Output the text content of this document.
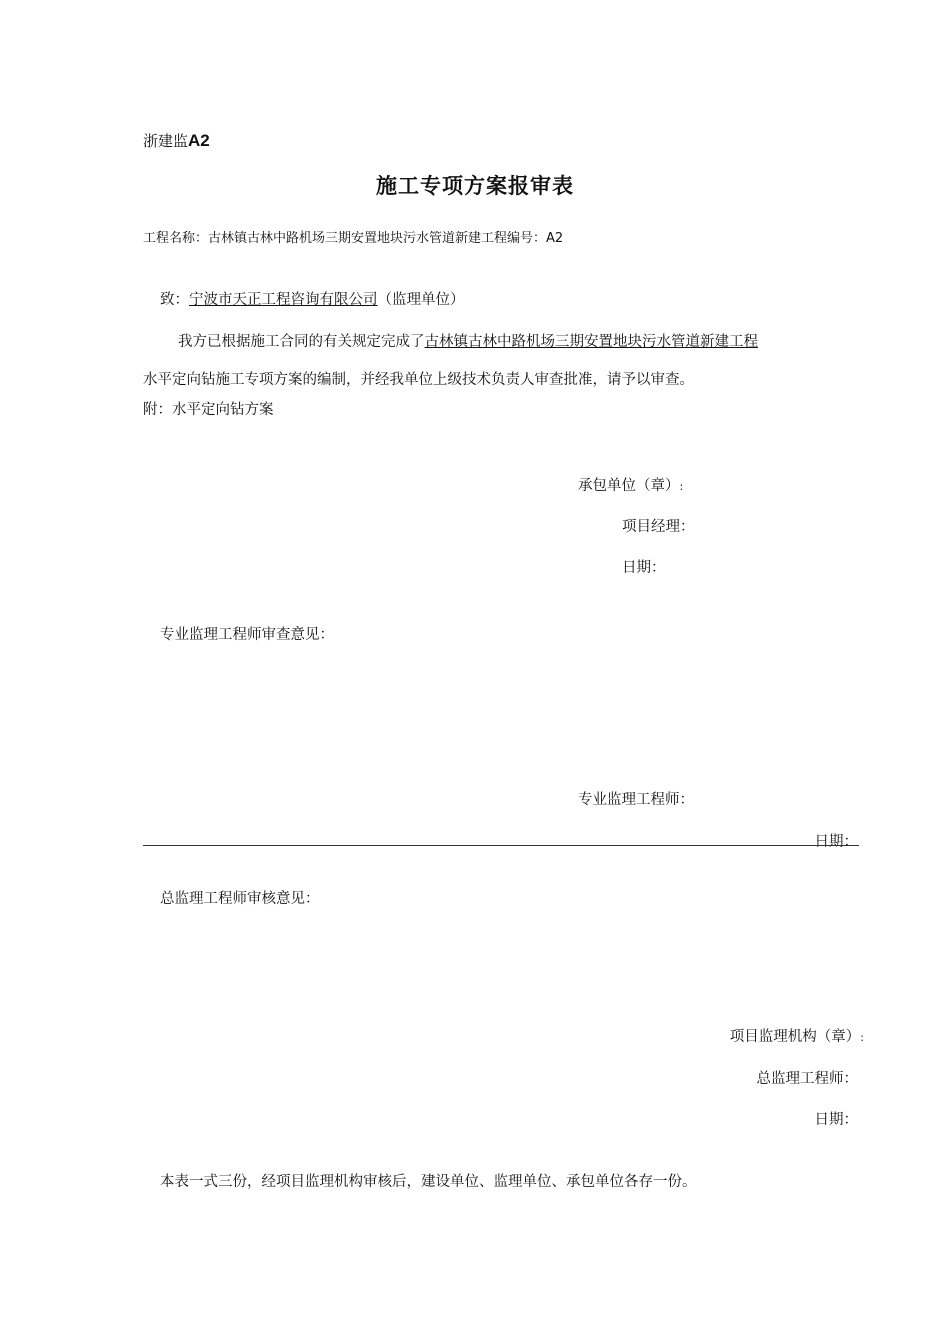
浙建监A2
施工专项方案报审表
工程名称：古林镇古林中路机场三期安置地块污水管道新建工程编号：A2
致：宁波市天正工程咨询有限公司（监理单位）
我方已根据施工合同的有关规定完成了古林镇古林中路机场三期安置地块污水管道新建工程
水平定向钻施工专项方案的编制，并经我单位上级技术负责人审查批准，请予以审查。
附：水平定向钻方案
承包单位（章）:
项目经理：
日期：
专业监理工程师审查意见：
专业监理工程师：
日期：
总监理工程师审核意见：
项目监理机构（章）:
总监理工程师：
日期：
本表一式三份，经项目监理机构审核后，建设单位、监理单位、承包单位各存一份。
